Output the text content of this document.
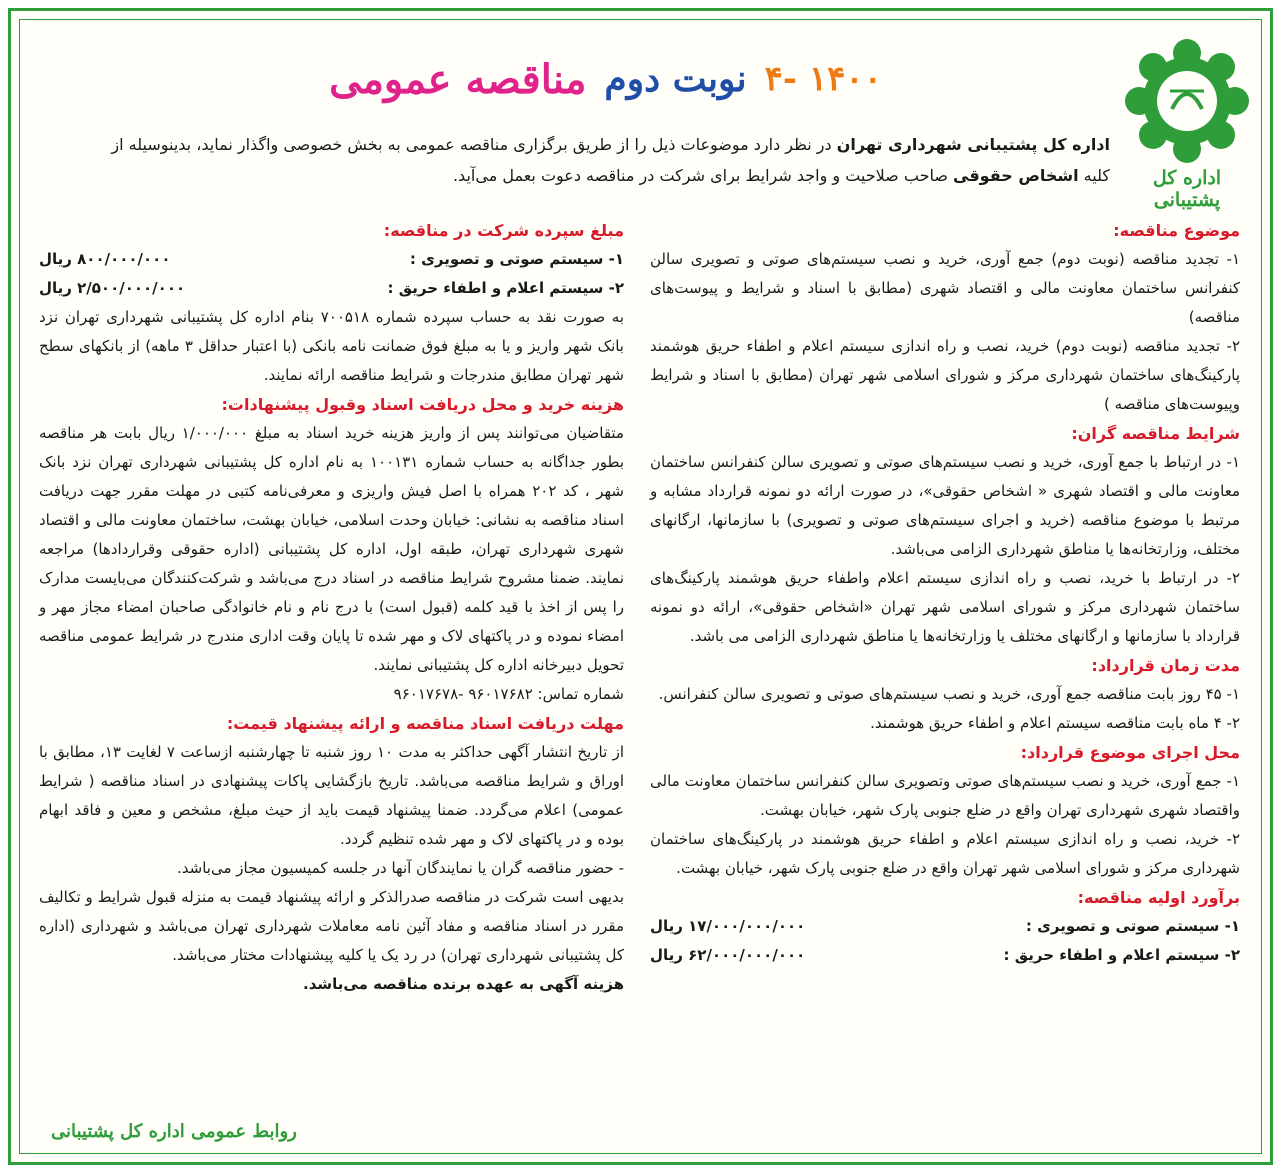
اداره کل پشتیبانی
مناقصه عمومی نوبت دوم ۴- ۱۴۰۰
اداره کل پشتیبانی شهرداری تهران در نظر دارد موضوعات ذیل را از طریق برگزاری مناقصه عمومی به بخش خصوصی واگذار نماید، بدینوسیله از کلیه اشخاص حقوقی صاحب صلاحیت و واجد شرایط برای شرکت در مناقصه دعوت بعمل می‌آید.
موضوع مناقصه:
۱- تجدید مناقصه (نوبت دوم) جمع آوری، خرید و نصب سیستم‌های صوتی و تصویری سالن کنفرانس ساختمان معاونت مالی و اقتصاد شهری (مطابق با اسناد و شرایط و پیوست‌های مناقصه)
۲- تجدید مناقصه (نوبت دوم) خرید، نصب و راه اندازی سیستم اعلام و اطفاء حریق هوشمند پارکینگ‌های ساختمان شهرداری مرکز و شورای اسلامی شهر تهران (مطابق با اسناد و شرایط وپیوست‌های مناقصه )
شرایط مناقصه گران:
۱- در ارتباط با جمع آوری، خرید و نصب سیستم‌های صوتی و تصویری سالن کنفرانس ساختمان معاونت مالی و اقتصاد شهری « اشخاص حقوقی»، در صورت ارائه دو نمونه قرارداد مشابه و مرتبط با موضوع مناقصه (خرید و اجرای سیستم‌های صوتی و تصویری) با سازمانها، ارگانهای مختلف، وزارتخانه‌ها یا مناطق شهرداری الزامی می‌باشد.
۲- در ارتباط با خرید، نصب و راه اندازی سیستم اعلام واطفاء حریق هوشمند پارکینگ‌های ساختمان شهرداری مرکز و شورای اسلامی شهر تهران «اشخاص حقوقی»، ارائه دو نمونه قرارداد با سازمانها و ارگانهای مختلف یا وزارتخانه‌ها یا مناطق شهرداری الزامی می باشد.
مدت زمان قرارداد:
۱- ۴۵ روز بابت مناقصه جمع آوری، خرید و نصب سیستم‌های صوتی و تصویری سالن کنفرانس.
۲- ۴ ماه بابت مناقصه سیستم اعلام و اطفاء حریق هوشمند.
محل اجرای موضوع قرارداد:
۱- جمع آوری، خرید و نصب سیستم‌های صوتی وتصویری سالن کنفرانس ساختمان معاونت مالی واقتصاد شهری شهرداری تهران واقع در ضلع جنوبی پارک شهر، خیابان بهشت.
۲- خرید، نصب و راه اندازی سیستم اعلام و اطفاء حریق هوشمند در پارکینگ‌های ساختمان شهرداری مرکز و شورای اسلامی شهر تهران واقع در ضلع جنوبی پارک شهر، خیابان بهشت.
برآورد اولیه مناقصه:
۱- سیستم صوتی و تصویری :
۱۷/۰۰۰/۰۰۰/۰۰۰ ریال
۲- سیستم اعلام و اطفاء حریق :
۶۲/۰۰۰/۰۰۰/۰۰۰ ریال
مبلغ سپرده شرکت در مناقصه:
۱- سیستم صوتی و تصویری :
۸۰۰/۰۰۰/۰۰۰ ریال
۲- سیستم اعلام و اطفاء حریق :
۲/۵۰۰/۰۰۰/۰۰۰ ریال
به صورت نقد به حساب سپرده شماره ۷۰۰۵۱۸ بنام اداره کل پشتیبانی شهرداری تهران نزد بانک شهر واریز و یا به مبلغ فوق ضمانت نامه بانکی (با اعتبار حداقل ۳ ماهه) از بانکهای سطح شهر تهران مطابق مندرجات و شرایط مناقصه ارائه نمایند.
هزینه خرید و محل دریافت اسناد وقبول پیشنهادات:
متقاضیان می‌توانند پس از واریز هزینه خرید اسناد به مبلغ ۱/۰۰۰/۰۰۰ ریال بابت هر مناقصه بطور جداگانه به حساب شماره ۱۰۰۱۳۱ به نام اداره کل پشتیبانی شهرداری تهران نزد بانک شهر ، کد ۲۰۲ همراه با اصل فیش واریزی و معرفی‌نامه کتبی در مهلت مقرر جهت دریافت اسناد مناقصه به نشانی: خیابان وحدت اسلامی، خیابان بهشت، ساختمان معاونت مالی و اقتصاد شهری شهرداری تهران، طبقه اول، اداره کل پشتیبانی (اداره حقوقی وقراردادها) مراجعه نمایند. ضمنا مشروح شرایط مناقصه در اسناد درج می‌باشد و شرکت‌کنندگان می‌بایست مدارک را پس از اخذ با قید کلمه (قبول است) با درج نام و نام خانوادگی صاحبان امضاء مجاز مهر و امضاء نموده و در پاکتهای لاک و مهر شده تا پایان وقت اداری مندرج در شرایط عمومی مناقصه تحویل دبیرخانه اداره کل پشتیبانی نمایند.
شماره تماس: ۹۶۰۱۷۶۸۲ -۹۶۰۱۷۶۷۸
مهلت دریافت اسناد مناقصه و ارائه پیشنهاد قیمت:
از تاریخ انتشار آگهی حداکثر به مدت ۱۰ روز شنبه تا چهارشنبه ازساعت ۷ لغایت ۱۳، مطابق با اوراق و شرایط مناقصه می‌باشد. تاریخ بازگشایی پاکات پیشنهادی در اسناد مناقصه ( شرایط عمومی) اعلام می‌گردد. ضمنا پیشنهاد قیمت باید از حیث مبلغ، مشخص و معین و فاقد ابهام بوده و در پاکتهای لاک و مهر شده تنظیم گردد.
- حضور مناقصه گران یا نمایندگان آنها در جلسه کمیسیون مجاز می‌باشد.
بدیهی است شرکت در مناقصه صدرالذکر و ارائه پیشنهاد قیمت به منزله قبول شرایط و تکالیف مقرر در اسناد مناقصه و مفاد آئین نامه معاملات شهرداری تهران می‌باشد و شهرداری (اداره کل پشتیبانی شهرداری تهران) در رد یک یا کلیه پیشنهادات مختار می‌باشد.
هزینه آگهی به عهده برنده مناقصه می‌باشد.
روابط عمومی اداره کل پشتیبانی
